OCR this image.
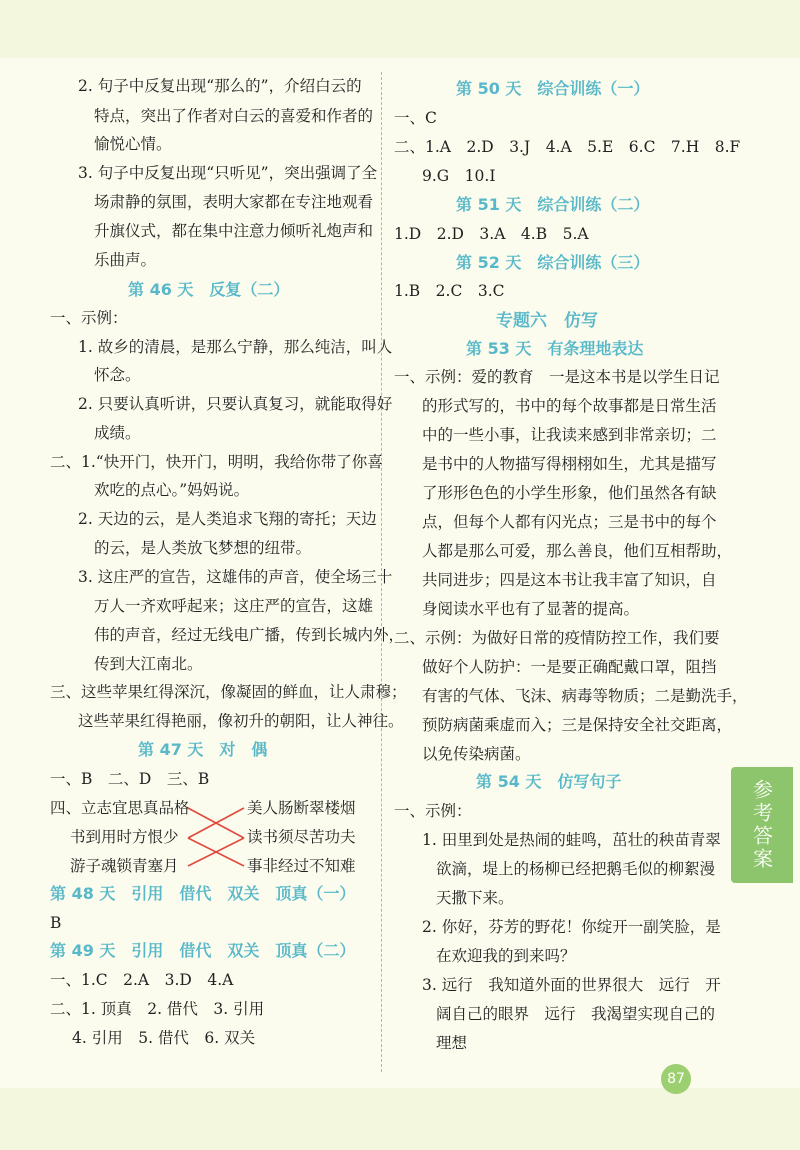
2. 句子中反复出现“那么的”，介绍白云的
特点，突出了作者对白云的喜爱和作者的
愉悦心情。
3. 句子中反复出现“只听见”，突出强调了全
场肃静的氛围，表明大家都在专注地观看
升旗仪式，都在集中注意力倾听礼炮声和
乐曲声。
第 46 天　反复（二）
一、示例：
1. 故乡的清晨，是那么宁静，那么纯洁，叫人
怀念。
2. 只要认真听讲，只要认真复习，就能取得好
成绩。
二、1.“快开门，快开门，明明，我给你带了你喜
欢吃的点心。”妈妈说。
2. 天边的云，是人类追求飞翔的寄托；天边
的云，是人类放飞梦想的纽带。
3. 这庄严的宣告，这雄伟的声音，使全场三十
万人一齐欢呼起来；这庄严的宣告，这雄
伟的声音，经过无线电广播，传到长城内外，
传到大江南北。
三、这些苹果红得深沉，像凝固的鲜血，让人肃穆；
这些苹果红得艳丽，像初升的朝阳，让人神往。
第 47 天　对　偶
一、B　二、D　三、B
四、立志宜思真品格
书到用时方恨少
游子魂锁青塞月
美人肠断翠楼烟
读书须尽苦功夫
事非经过不知难
第 48 天　引用　借代　双关　顶真（一）
B
第 49 天　引用　借代　双关　顶真（二）
一、1.C　2.A　3.D　4.A
二、1. 顶真　2. 借代　3. 引用
4. 引用　5. 借代　6. 双关
第 50 天　综合训练（一）
一、C
二、1.A　2.D　3.J　4.A　5.E　6.C　7.H　8.F
9.G　10.I
第 51 天　综合训练（二）
1.D　2.D　3.A　4.B　5.A
第 52 天　综合训练（三）
1.B　2.C　3.C
专题六　仿写
第 53 天　有条理地表达
一、示例：爱的教育　一是这本书是以学生日记
的形式写的，书中的每个故事都是日常生活
中的一些小事，让我读来感到非常亲切；二
是书中的人物描写得栩栩如生，尤其是描写
了形形色色的小学生形象，他们虽然各有缺
点，但每个人都有闪光点；三是书中的每个
人都是那么可爱，那么善良，他们互相帮助，
共同进步；四是这本书让我丰富了知识，自
身阅读水平也有了显著的提高。
二、示例：为做好日常的疫情防控工作，我们要
做好个人防护：一是要正确配戴口罩，阻挡
有害的气体、飞沫、病毒等物质；二是勤洗手，
预防病菌乘虚而入；三是保持安全社交距离，
以免传染病菌。
第 54 天　仿写句子
一、示例：
1. 田里到处是热闹的蛙鸣，茁壮的秧苗青翠
欲滴，堤上的杨柳已经把鹅毛似的柳絮漫
天撒下来。
2. 你好，芬芳的野花！你绽开一副笑脸，是
在欢迎我的到来吗？
3. 远行　我知道外面的世界很大　远行　开
阔自己的眼界　远行　我渴望实现自己的
理想
参考答案
87
